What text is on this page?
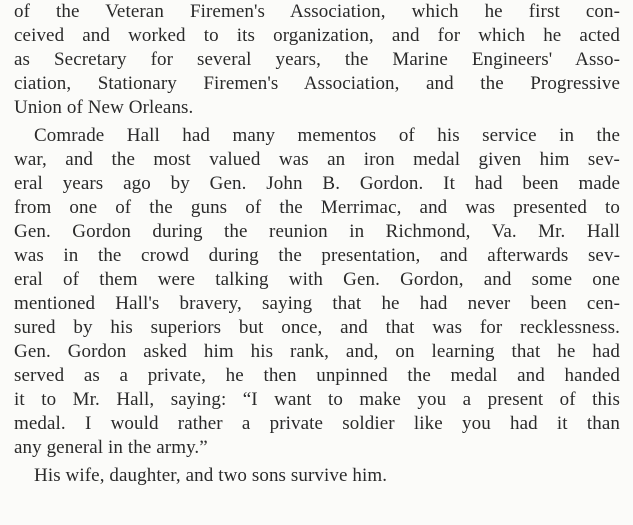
of the Veteran Firemen's Association, which he first con-
ceived and worked to its organization, and for which he acted
as Secretary for several years, the Marine Engineers' Asso-
ciation, Stationary Firemen's Association, and the Progressive
Union of New Orleans.
Comrade Hall had many mementos of his service in the
war, and the most valued was an iron medal given him sev-
eral years ago by Gen. John B. Gordon. It had been made
from one of the guns of the Merrimac, and was presented to
Gen. Gordon during the reunion in Richmond, Va. Mr. Hall
was in the crowd during the presentation, and afterwards sev-
eral of them were talking with Gen. Gordon, and some one
mentioned Hall's bravery, saying that he had never been cen-
sured by his superiors but once, and that was for recklessness.
Gen. Gordon asked him his rank, and, on learning that he had
served as a private, he then unpinned the medal and handed
it to Mr. Hall, saying: “I want to make you a present of this
medal. I would rather a private soldier like you had it than
any general in the army.”
His wife, daughter, and two sons survive him.
